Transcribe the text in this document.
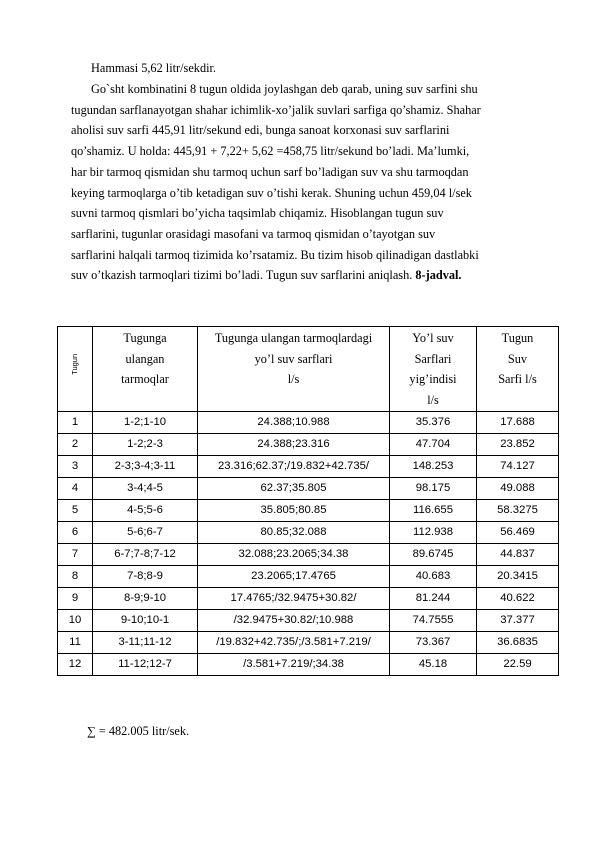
Hammasi 5,62 litr/sekdir.

Go`sht kombinatini 8 tugun oldida joylashgan deb qarab, uning suv sarfini shu
tugundan sarflanayotgan shahar ichimlik-xo’jalik suvlari sarfiga qo’shamiz. Shahar
aholisi suv sarfi 445,91 litr/sekund edi, bunga sanoat korxonasi suv sarflarini
qo’shamiz. U holda: 445,91 + 7,22+ 5,62 =458,75 litr/sekund bo’ladi. Ma’lumki,
har bir tarmoq qismidan shu tarmoq uchun sarf bo’ladigan suv va shu tarmoqdan
keying tarmoqlarga o’tib ketadigan suv o’tishi kerak. Shuning uchun 459,04 l/sek
suvni tarmoq qismlari bo’yicha taqsimlab chiqamiz. Hisoblangan tugun suv
sarflarini, tugunlar orasidagi masofani va tarmoq qismidan o’tayotgan suv
sarflarini halqali tarmoq tizimida ko’rsatamiz. Bu tizim hisob qilinadigan dastlabki
suv o’tkazish tarmoqlari tizimi bo’ladi. Tugun suv sarflarini aniqlash. 8-jadval.

Tugun	Tugunga
ulangan
tarmoqlar	Tugunga ulangan tarmoqlardagi
yo’l suv sarflari
l/s	Yo’l suv
Sarflari
yig’indisi
l/s	Tugun
Suv
Sarfi l/s

1	1-2;1-10	24.388;10.988	35.376	17.688
2	1-2;2-3	24.388;23.316	47.704	23.852
3	2-3;3-4;3-11	23.316;62.37;/19.832+42.735/	148.253	74.127
4	3-4;4-5	62.37;35.805	98.175	49.088
5	4-5;5-6	35.805;80.85	116.655	58.3275
6	5-6;6-7	80.85;32.088	112.938	56.469
7	6-7;7-8;7-12	32.088;23.2065;34.38	89.6745	44.837
8	7-8;8-9	23.2065;17.4765	40.683	20.3415
9	8-9;9-10	17.4765;/32.9475+30.82/	81.244	40.622
10	9-10;10-1	/32.9475+30.82/;10.988	74.7555	37.377
11	3-11;11-12	/19.832+42.735/;/3.581+7.219/	73.367	36.6835
12	11-12;12-7	/3.581+7.219/;34.38	45.18	22.59
∑ = 482.005 litr/sek.
